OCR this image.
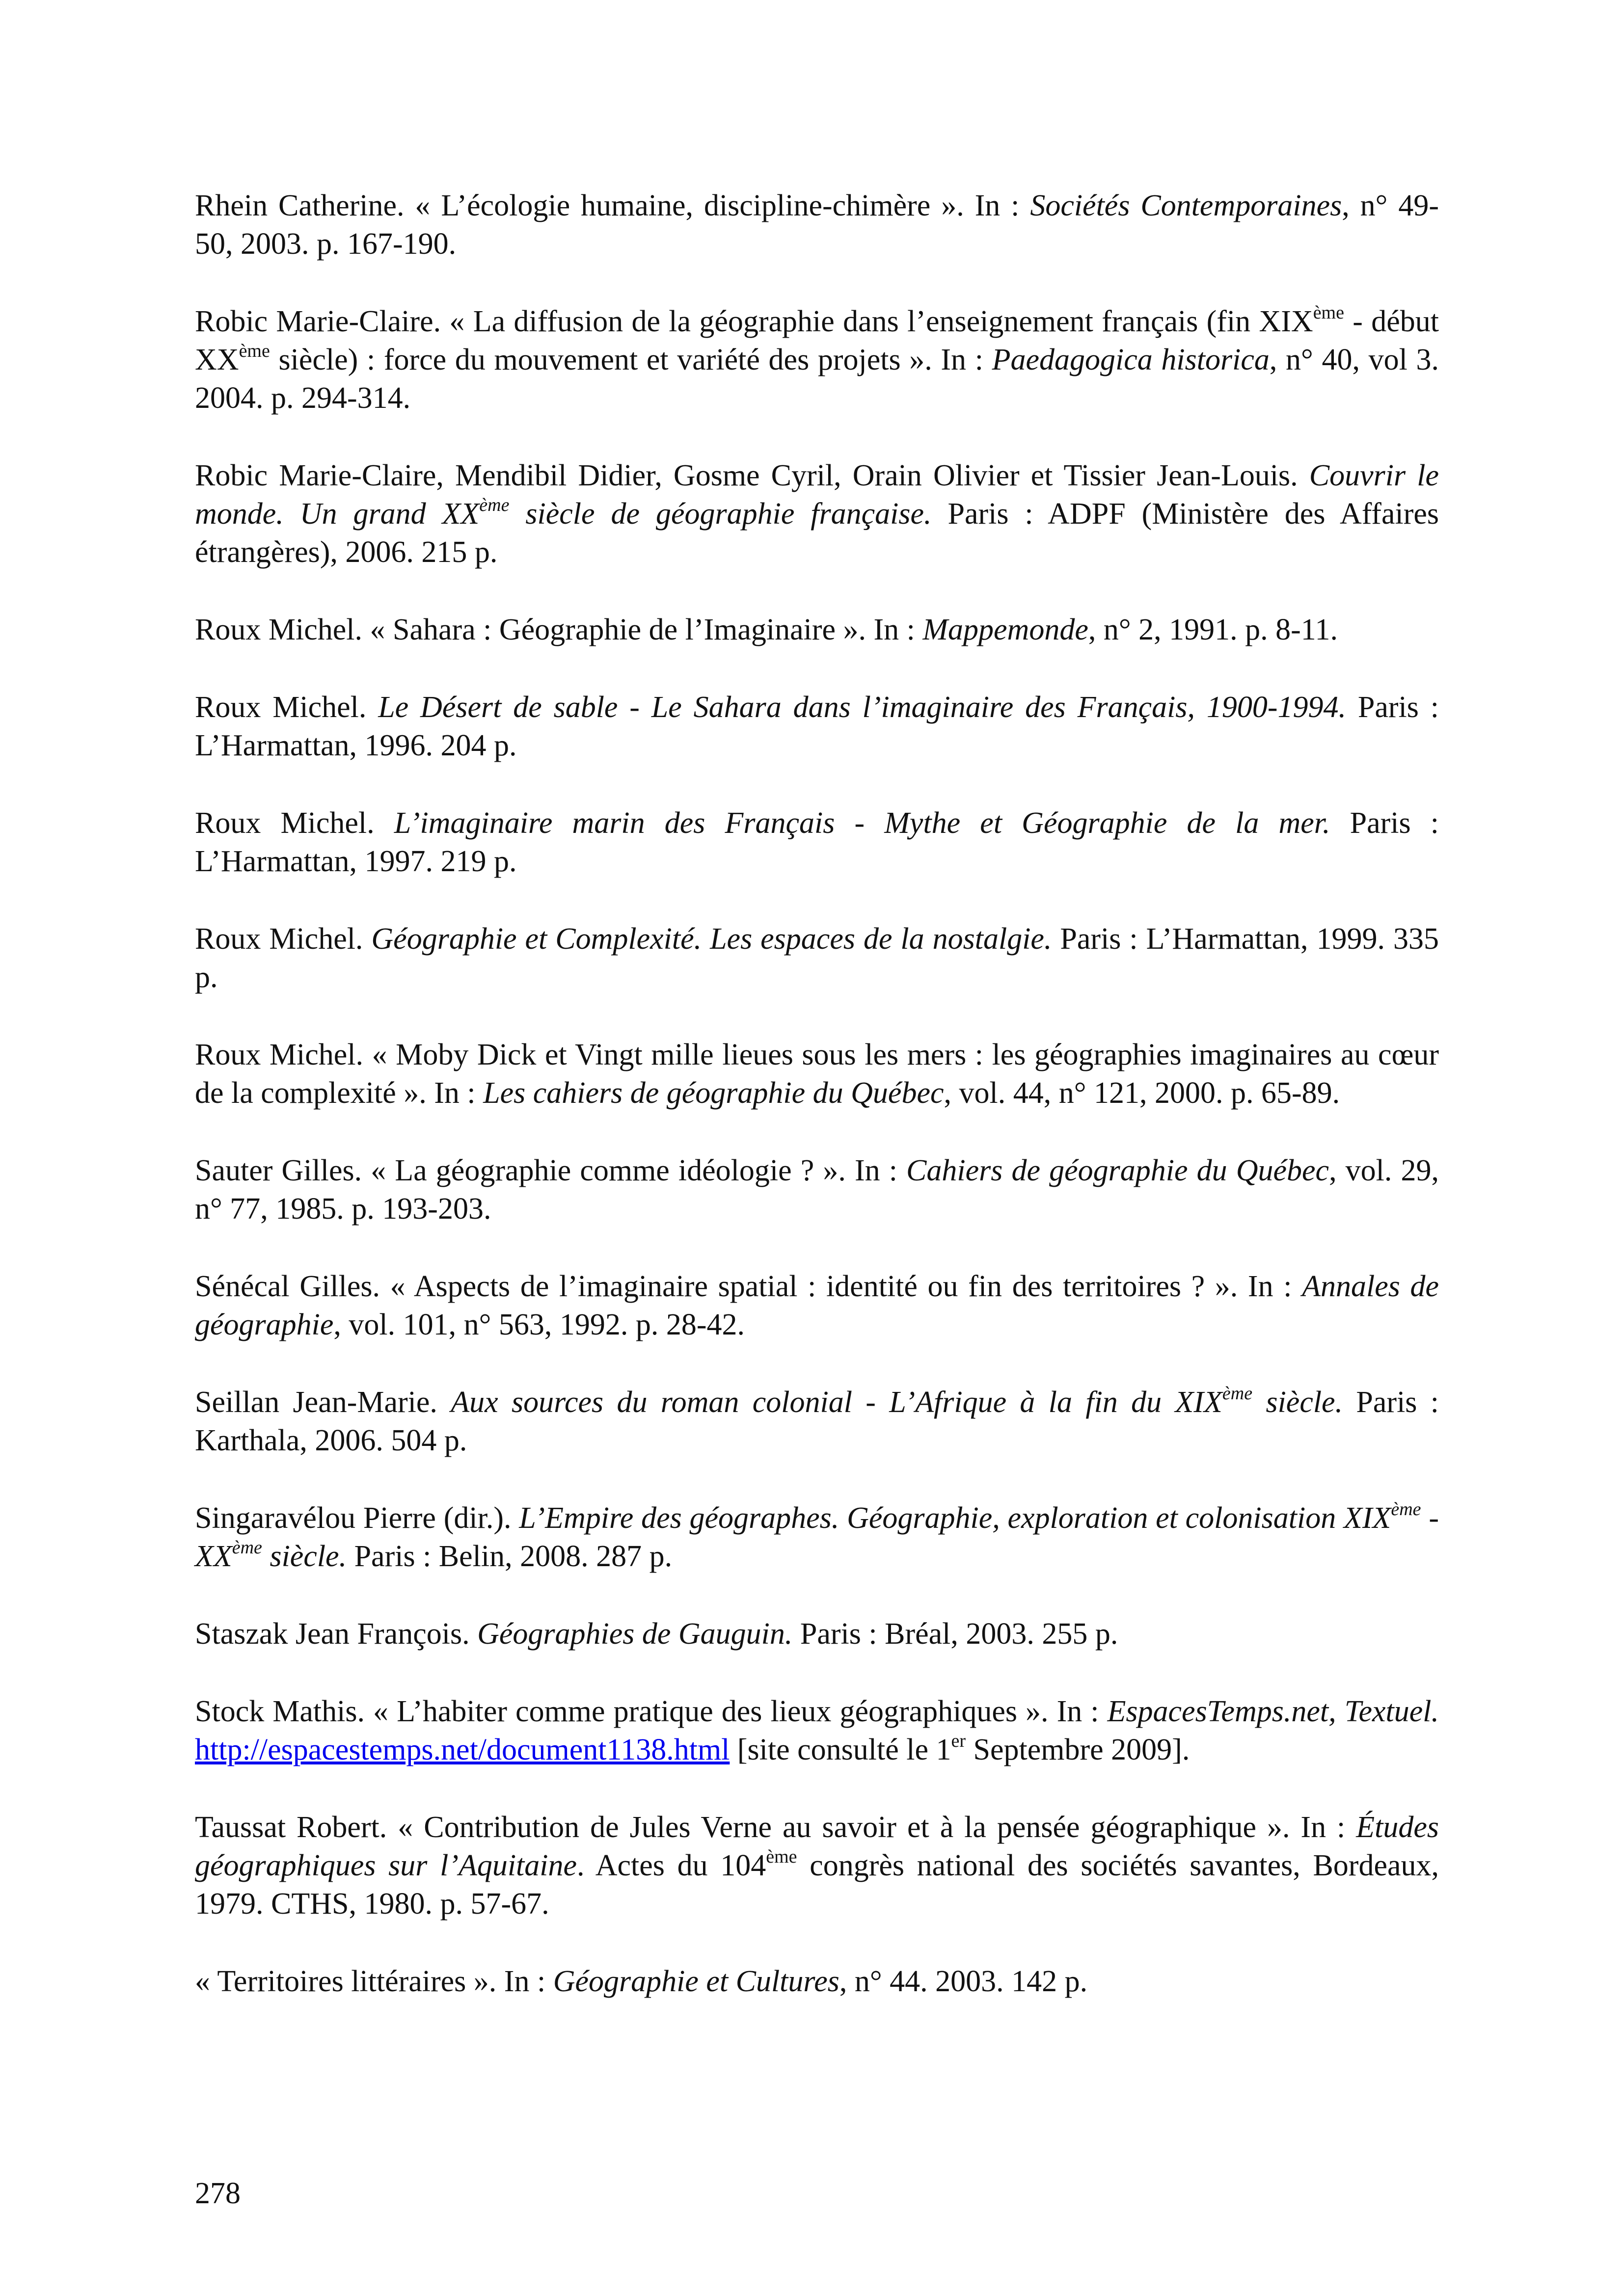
Rhein Catherine. « L’écologie humaine, discipline-chimère ». In : Sociétés Contemporaines, n° 49-50, 2003. p. 167-190.

Robic Marie-Claire. « La diffusion de la géographie dans l’enseignement français (fin XIXème - début XXème siècle) : force du mouvement et variété des projets ». In : Paedagogica historica, n° 40, vol 3. 2004. p. 294-314.

Robic Marie-Claire, Mendibil Didier, Gosme Cyril, Orain Olivier et Tissier Jean-Louis. Couvrir le monde. Un grand XXème siècle de géographie française. Paris : ADPF (Ministère des Affaires étrangères), 2006. 215 p.

Roux Michel. « Sahara : Géographie de l’Imaginaire ». In : Mappemonde, n° 2, 1991. p. 8-11.

Roux Michel. Le Désert de sable - Le Sahara dans l’imaginaire des Français, 1900-1994. Paris : L’Harmattan, 1996. 204 p.

Roux Michel. L’imaginaire marin des Français - Mythe et Géographie de la mer. Paris : L’Harmattan, 1997. 219 p.

Roux Michel. Géographie et Complexité. Les espaces de la nostalgie. Paris : L’Harmattan, 1999. 335 p.

Roux Michel. « Moby Dick et Vingt mille lieues sous les mers : les géographies imaginaires au cœur de la complexité ». In : Les cahiers de géographie du Québec, vol. 44, n° 121, 2000. p. 65-89.

Sauter Gilles. « La géographie comme idéologie ? ». In : Cahiers de géographie du Québec, vol. 29, n° 77, 1985. p. 193-203.

Sénécal Gilles. « Aspects de l’imaginaire spatial : identité ou fin des territoires ? ». In : Annales de géographie, vol. 101, n° 563, 1992. p. 28-42.

Seillan Jean-Marie. Aux sources du roman colonial - L’Afrique à la fin du XIXème siècle. Paris : Karthala, 2006. 504 p.

Singaravélou Pierre (dir.). L’Empire des géographes. Géographie, exploration et colonisation XIXème - XXème siècle. Paris : Belin, 2008. 287 p.

Staszak Jean François. Géographies de Gauguin. Paris : Bréal, 2003. 255 p.

Stock Mathis. « L’habiter comme pratique des lieux géographiques ». In : EspacesTemps.net, Textuel. http://espacestemps.net/document1138.html [site consulté le 1er Septembre 2009].

Taussat Robert. « Contribution de Jules Verne au savoir et à la pensée géographique ». In : Études géographiques sur l’Aquitaine. Actes du 104ème congrès national des sociétés savantes, Bordeaux, 1979. CTHS, 1980. p. 57-67.

« Territoires littéraires ». In : Géographie et Cultures, n° 44. 2003. 142 p.

278
